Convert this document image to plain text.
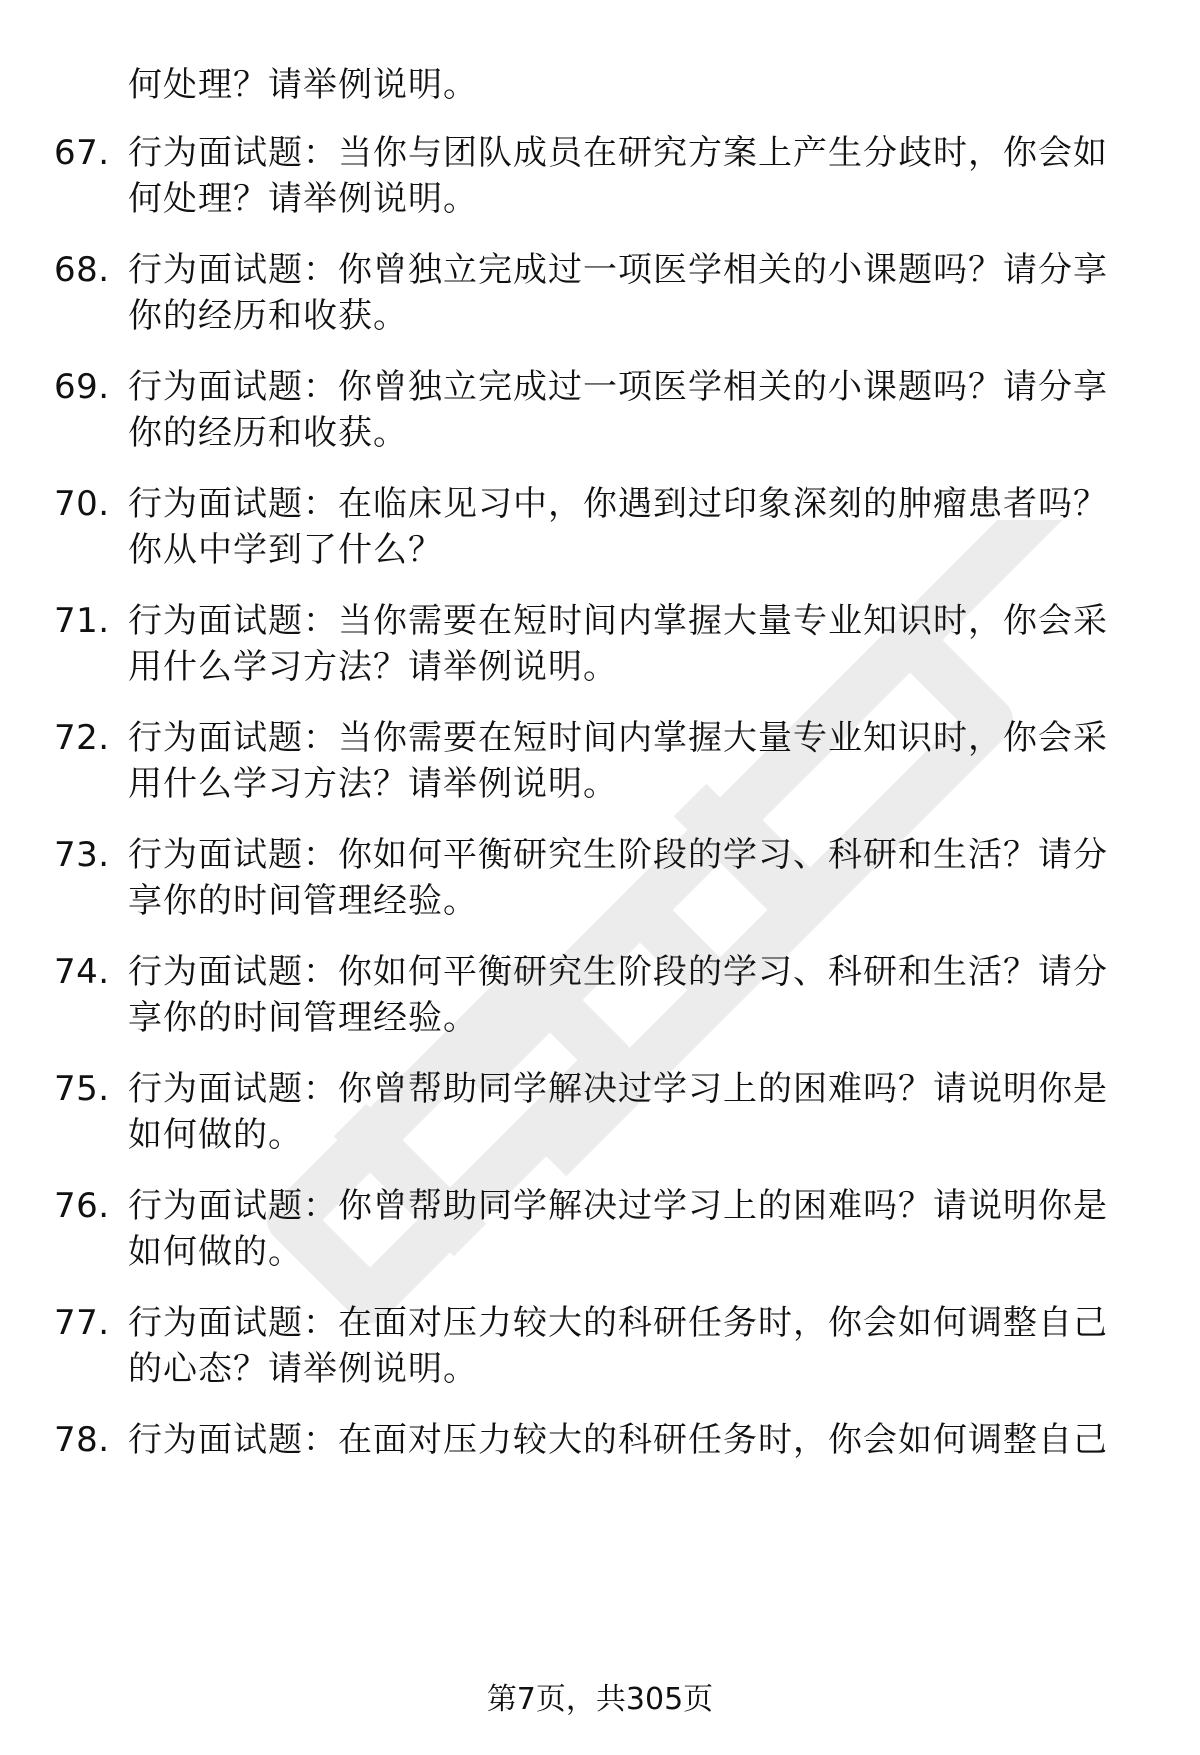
何处理？请举例说明。
67. 行为面试题：当你与团队成员在研究方案上产生分歧时，你会如
何处理？请举例说明。
68. 行为面试题：你曾独立完成过一项医学相关的小课题吗？请分享
你的经历和收获。
69. 行为面试题：你曾独立完成过一项医学相关的小课题吗？请分享
你的经历和收获。
70. 行为面试题：在临床见习中，你遇到过印象深刻的肿瘤患者吗？
你从中学到了什么？
71. 行为面试题：当你需要在短时间内掌握大量专业知识时，你会采
用什么学习方法？请举例说明。
72. 行为面试题：当你需要在短时间内掌握大量专业知识时，你会采
用什么学习方法？请举例说明。
73. 行为面试题：你如何平衡研究生阶段的学习、科研和生活？请分
享你的时间管理经验。
74. 行为面试题：你如何平衡研究生阶段的学习、科研和生活？请分
享你的时间管理经验。
75. 行为面试题：你曾帮助同学解决过学习上的困难吗？请说明你是
如何做的。
76. 行为面试题：你曾帮助同学解决过学习上的困难吗？请说明你是
如何做的。
77. 行为面试题：在面对压力较大的科研任务时，你会如何调整自己
的心态？请举例说明。
78. 行为面试题：在面对压力较大的科研任务时，你会如何调整自己
第7页，共305页
